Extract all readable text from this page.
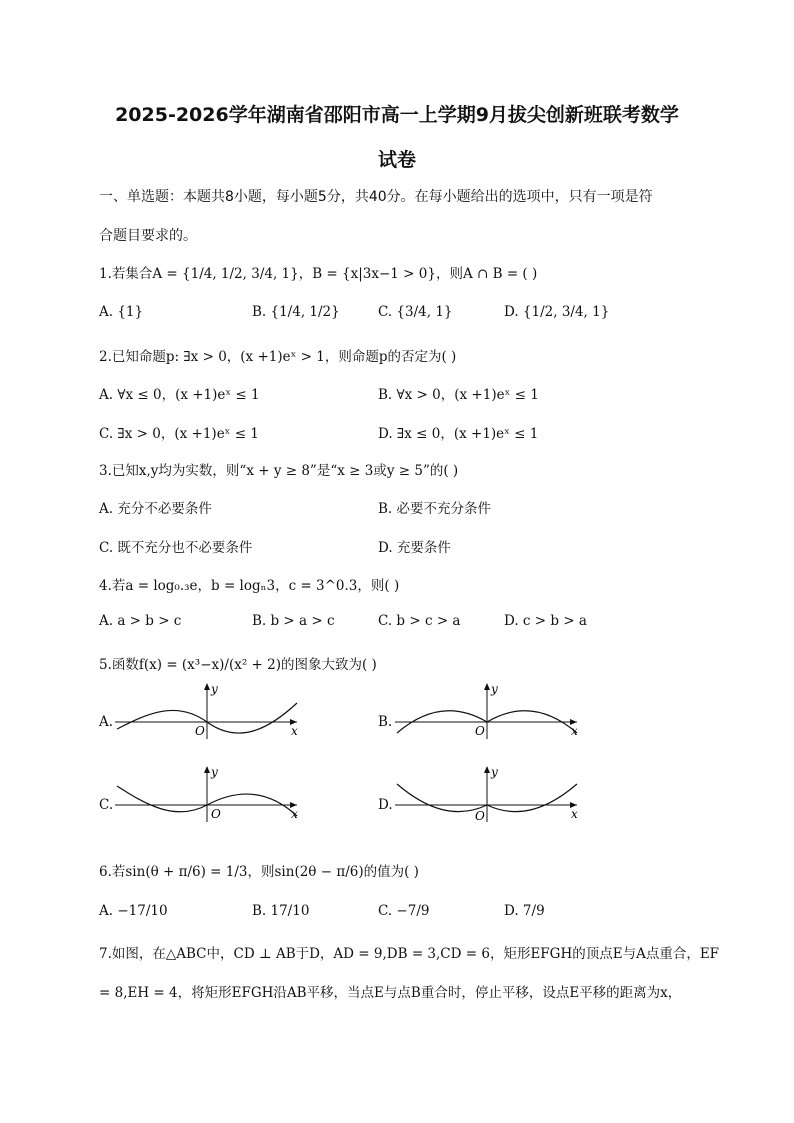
2025-2026学年湖南省邵阳市高一上学期9月拔尖创新班联考数学
试卷
一、单选题：本题共8小题，每小题5分，共40分。在每小题给出的选项中，只有一项是符
合题目要求的。
1.若集合A = {1/4, 1/2, 3/4, 1}，B = {x|3x−1 > 0}，则A ∩ B = ( )
A. {1}	B. {1/4, 1/2}	C. {3/4, 1}	D. {1/2, 3/4, 1}
2.已知命题p: ∃x > 0，(x +1)eˣ > 1，则命题p的否定为( )
A. ∀x ≤ 0，(x +1)eˣ ≤ 1	B. ∀x > 0，(x +1)eˣ ≤ 1
C. ∃x > 0，(x +1)eˣ ≤ 1	D. ∃x ≤ 0，(x +1)eˣ ≤ 1
3.已知x,y均为实数，则“x + y ≥ 8”是“x ≥ 3或y ≥ 5”的( )
A. 充分不必要条件	B. 必要不充分条件
C. 既不充分也不必要条件	D. 充要条件
4.若a = log₀.₃e，b = logₙ3，c = 3^0.3，则( )
A. a > b > c	B. b > a > c	C. b > c > a	D. c > b > a
5.函数f(x) = (x³−x)/(x² + 2)的图象大致为( )
A.
y
x
O
B.
y
x
O
C.
y
x
O
D.
y
x
O
6.若sin(θ + π/6) = 1/3，则sin(2θ − π/6)的值为( )
A. −17/10	B. 17/10	C. −7/9	D. 7/9
7.如图，在△ABC中，CD ⊥ AB于D，AD = 9,DB = 3,CD = 6，矩形EFGH的顶点E与A点重合，EF
= 8,EH = 4，将矩形EFGH沿AB平移，当点E与点B重合时，停止平移，设点E平移的距离为x，
